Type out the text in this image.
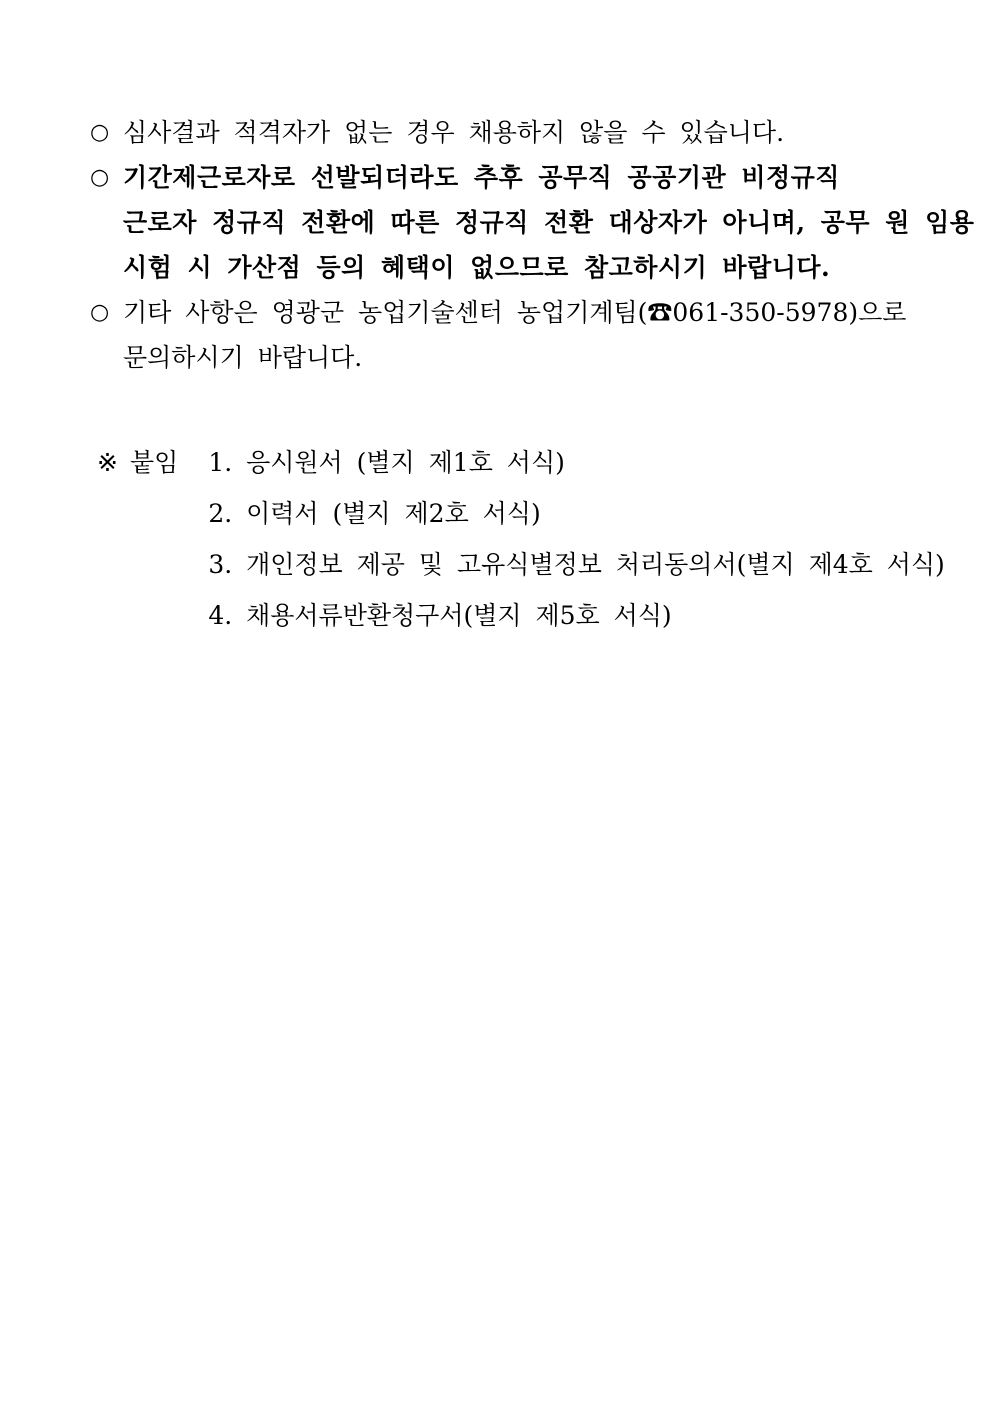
○ 심사결과 적격자가 없는 경우 채용하지 않을 수 있습니다.
○ 기간제근로자로 선발되더라도 추후 공무직 공공기관 비정규직
근로자 정규직 전환에 따른 정규직 전환 대상자가 아니며, 공무 원 임용
시험 시 가산점 등의 혜택이 없으므로 참고하시기 바랍니다.
○ 기타 사항은 영광군 농업기술센터 농업기계팀(☎061-350-5978)으로
문의하시기 바랍니다.
※ 붙임 1. 응시원서 (별지 제1호 서식)
2. 이력서 (별지 제2호 서식)
3. 개인정보 제공 및 고유식별정보 처리동의서(별지 제4호 서식)
4. 채용서류반환청구서(별지 제5호 서식)
